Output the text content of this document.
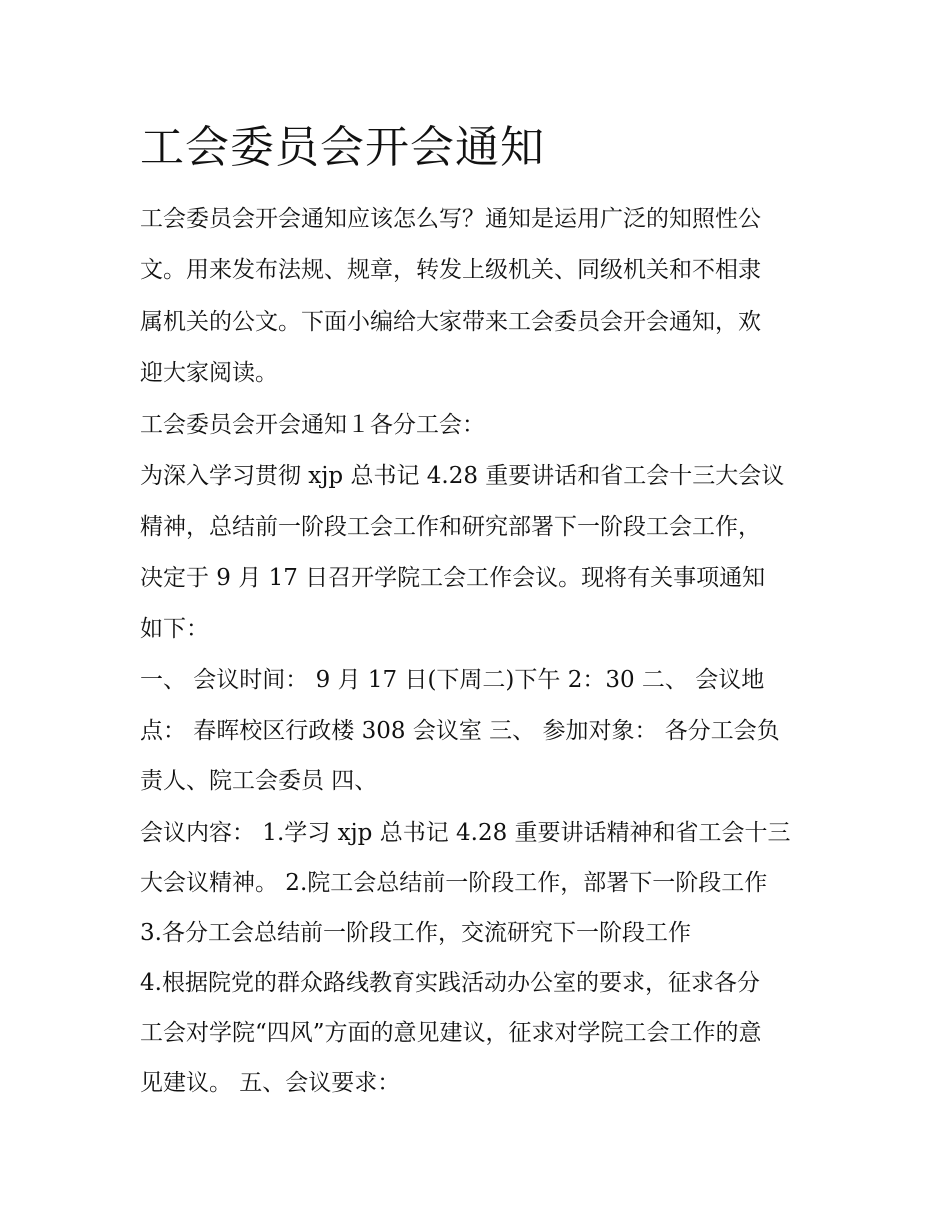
工会委员会开会通知

工会委员会开会通知应该怎么写？通知是运用广泛的知照性公

文。用来发布法规、规章，转发上级机关、同级机关和不相隶

属机关的公文。下面小编给大家带来工会委员会开会通知，欢

迎大家阅读。

工会委员会开会通知１各分工会：

为深入学习贯彻 xjp 总书记 4.28 重要讲话和省工会十三大会议

精神，总结前一阶段工会工作和研究部署下一阶段工会工作，

决定于 9 月 17 日召开学院工会工作会议。现将有关事项通知

如下：

一、 会议时间： 9 月 17 日(下周二)下午 2：30 二、 会议地

点： 春晖校区行政楼 308 会议室 三、 参加对象： 各分工会负

责人、院工会委员 四、

会议内容： 1.学习 xjp 总书记 4.28 重要讲话精神和省工会十三

大会议精神。 2.院工会总结前一阶段工作，部署下一阶段工作

3.各分工会总结前一阶段工作，交流研究下一阶段工作

4.根据院党的群众路线教育实践活动办公室的要求，征求各分

工会对学院“四风”方面的意见建议，征求对学院工会工作的意

见建议。 五、会议要求：
